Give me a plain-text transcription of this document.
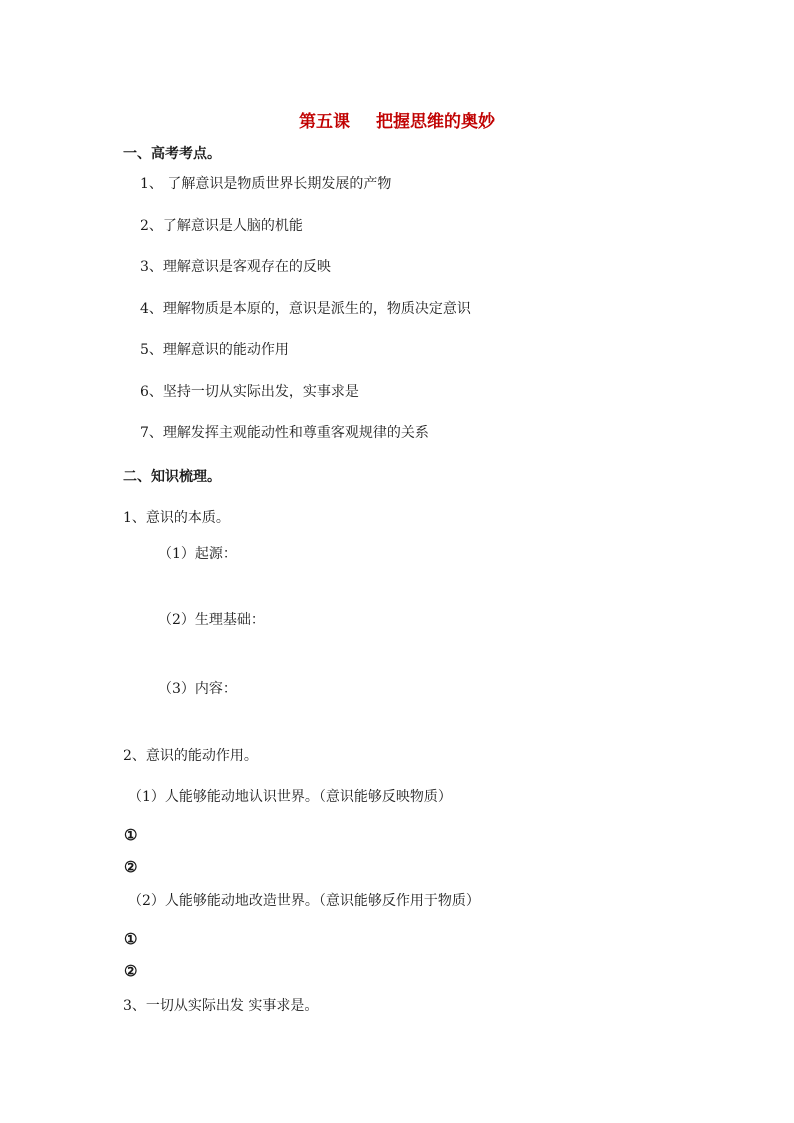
第五课 把握思维的奥妙
一、高考考点。
1、 了解意识是物质世界长期发展的产物
2、了解意识是人脑的机能
3、理解意识是客观存在的反映
4、理解物质是本原的，意识是派生的，物质决定意识
5、理解意识的能动作用
6、坚持一切从实际出发，实事求是
7、理解发挥主观能动性和尊重客观规律的关系
二、知识梳理。
1、意识的本质。
（1）起源：
（2）生理基础：
（3）内容：
2、意识的能动作用。
（1）人能够能动地认识世界。（意识能够反映物质）
①
②
（2）人能够能动地改造世界。（意识能够反作用于物质）
①
②
3、一切从实际出发 实事求是。
